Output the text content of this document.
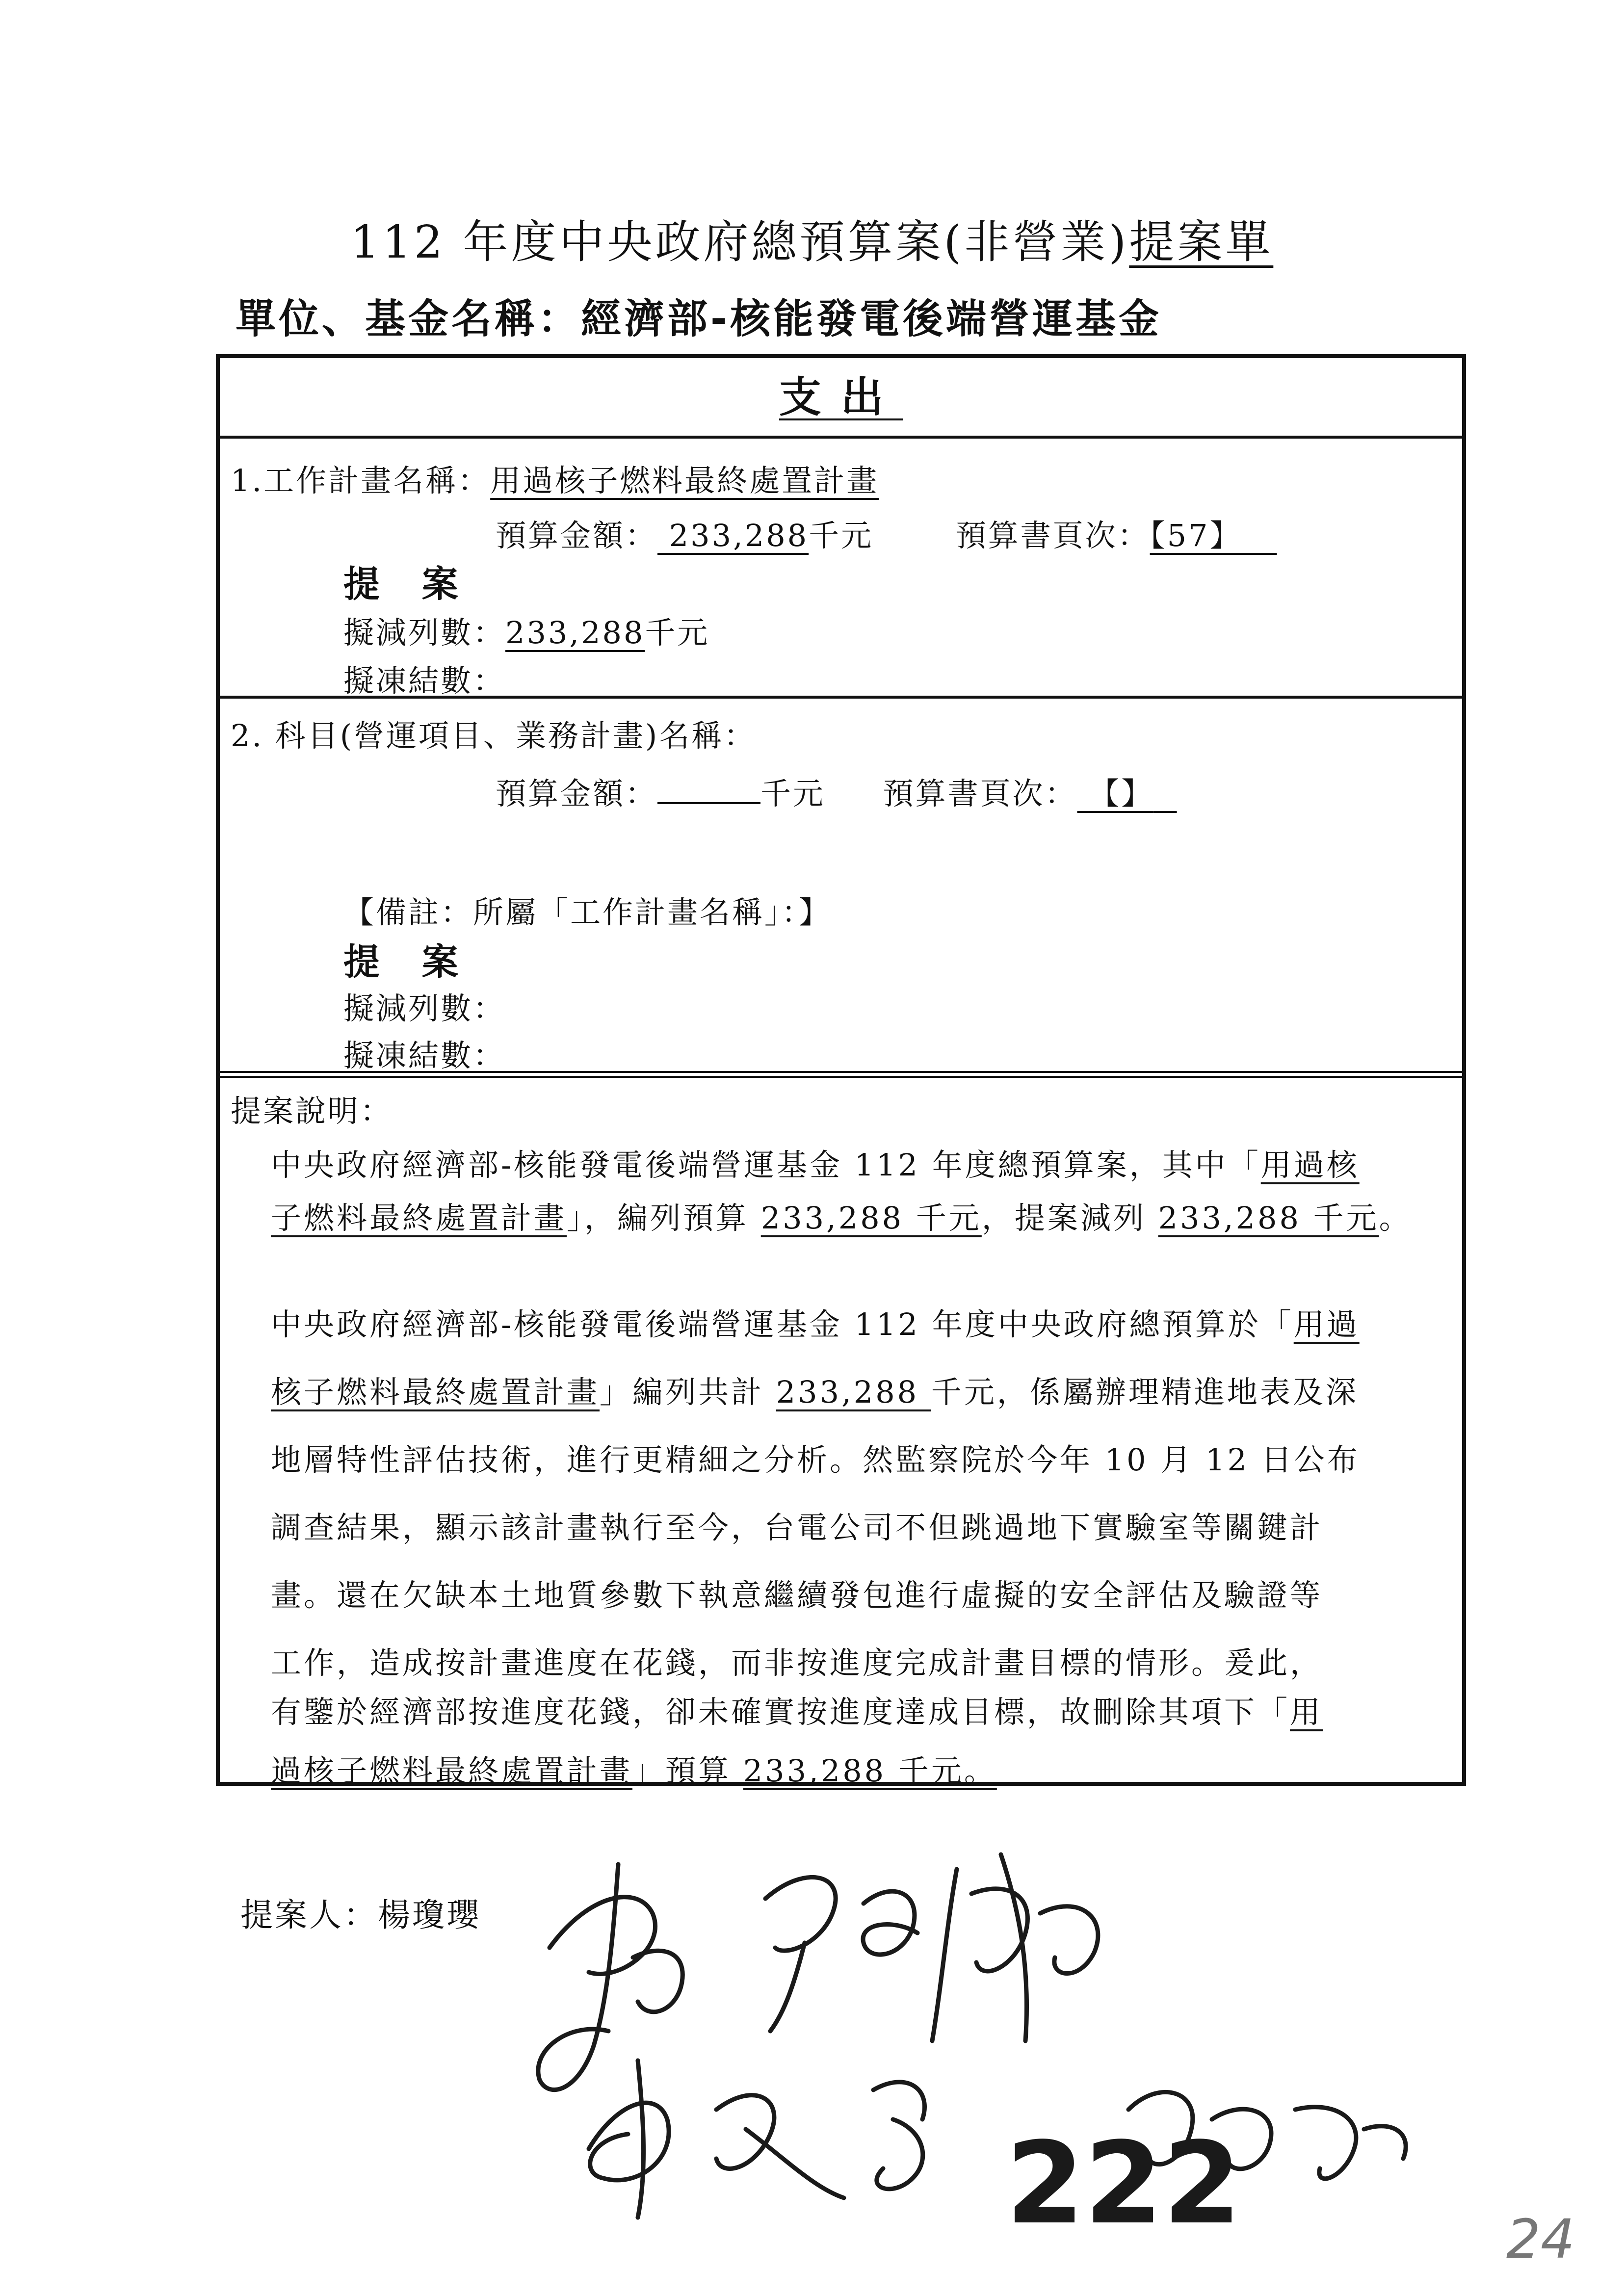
112 年度中央政府總預算案(非營業)提案單
單位、基金名稱：經濟部-核能發電後端營運基金
支出
1.工作計畫名稱：用過核子燃料最終處置計畫
預算金額： 233,288千元	預算書頁次：【57】
提 案
擬減列數：233,288千元
擬凍結數：
2. 科目(營運項目、業務計畫)名稱：
預算金額：	千元 預算書頁次： 【】
【備註：所屬「工作計畫名稱」：】
提 案
擬減列數：
擬凍結數：
提案說明：
中央政府經濟部-核能發電後端營運基金 112 年度總預算案，其中「用過核
子燃料最終處置計畫」，編列預算 233,288 千元，提案減列 233,288 千元。
中央政府經濟部-核能發電後端營運基金 112 年度中央政府總預算於「用過
核子燃料最終處置計畫」編列共計 233,288 千元，係屬辦理精進地表及深
地層特性評估技術，進行更精細之分析。然監察院於今年 10 月 12 日公布
調查結果，顯示該計畫執行至今，台電公司不但跳過地下實驗室等關鍵計
畫。還在欠缺本土地質參數下執意繼續發包進行虛擬的安全評估及驗證等
工作，造成按計畫進度在花錢，而非按進度完成計畫目標的情形。爰此，
有鑒於經濟部按進度花錢，卻未確實按進度達成目標，故刪除其項下「用
過核子燃料最終處置計畫」預算 233,288 千元。
提案人：楊瓊瓔
222	24
